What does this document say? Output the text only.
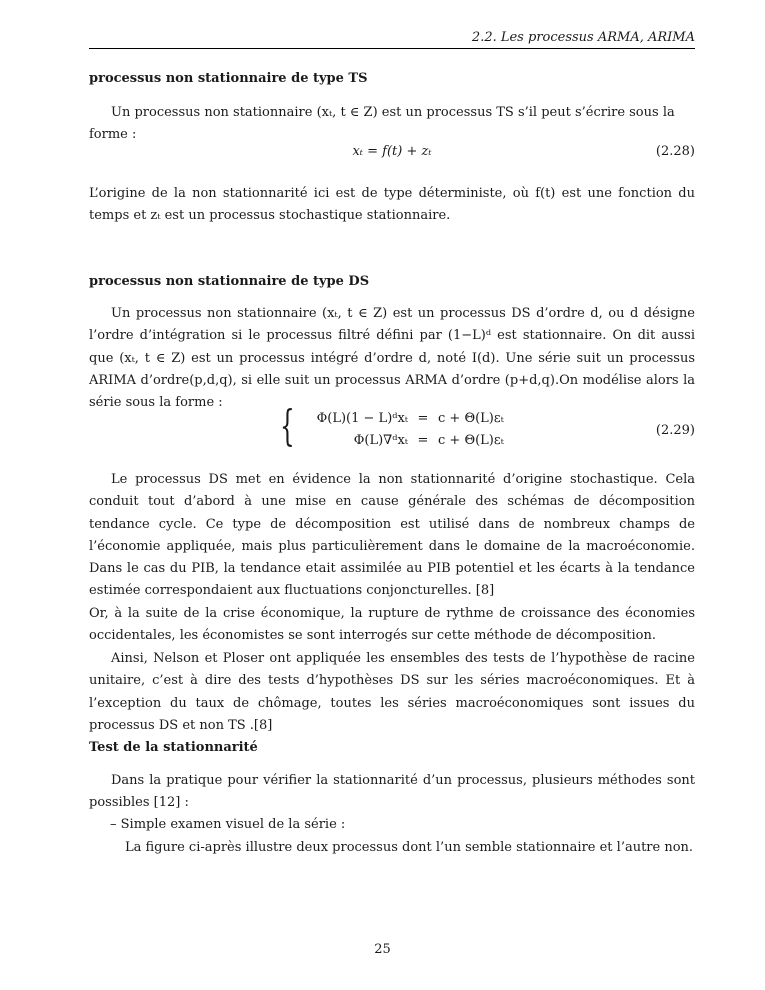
2.2. Les processus ARMA, ARIMA
processus non stationnaire de type TS
Un processus non stationnaire (xₜ, t ∈ Z) est un processus TS s’il peut s’écrire sous la forme :
xₜ = f(t) + zₜ	(2.28)
L’origine de la non stationnarité ici est de type déterministe, où f(t) est une fonction du temps et zₜ est un processus stochastique stationnaire.
processus non stationnaire de type DS
Un processus non stationnaire (xₜ, t ∈ Z) est un processus DS d’ordre d, ou d désigne l’ordre d’intégration si le processus filtré défini par (1−L)ᵈ est stationnaire. On dit aussi que (xₜ, t ∈ Z) est un processus intégré d’ordre d, noté I(d). Une série suit un processus ARIMA d’ordre(p,d,q), si elle suit un processus ARMA d’ordre (p+d,q).On modélise alors la série sous la forme :	{	Φ(L)(1 − L)ᵈxₜ = c + Θ(L)εₜ
Φ(L)∇ᵈxₜ = c + Θ(L)εₜ
(2.29)
Le processus DS met en évidence la non stationnarité d’origine stochastique. Cela conduit tout d’abord à une mise en cause générale des schémas de décomposition tendance cycle. Ce type de décomposition est utilisé dans de nombreux champs de l’économie appliquée, mais plus particulièrement dans le domaine de la macroéconomie. Dans le cas du PIB, la tendance etait assimilée au PIB potentiel et les écarts à la tendance estimée correspondaient aux fluctuations conjoncturelles. [8]
Or, à la suite de la crise économique, la rupture de rythme de croissance des économies occidentales, les économistes se sont interrogés sur cette méthode de décomposition.
Ainsi, Nelson et Ploser ont appliquée les ensembles des tests de l’hypothèse de racine unitaire, c’est à dire des tests d’hypothèses DS sur les séries macroéconomiques. Et à l’exception du taux de chômage, toutes les séries macroéconomiques sont issues du processus DS et non TS .[8]
Test de la stationnarité
Dans la pratique pour vérifier la stationnarité d’un processus, plusieurs méthodes sont possibles [12] :
– Simple examen visuel de la série :
La figure ci-après illustre deux processus dont l’un semble stationnaire et l’autre non.
25
